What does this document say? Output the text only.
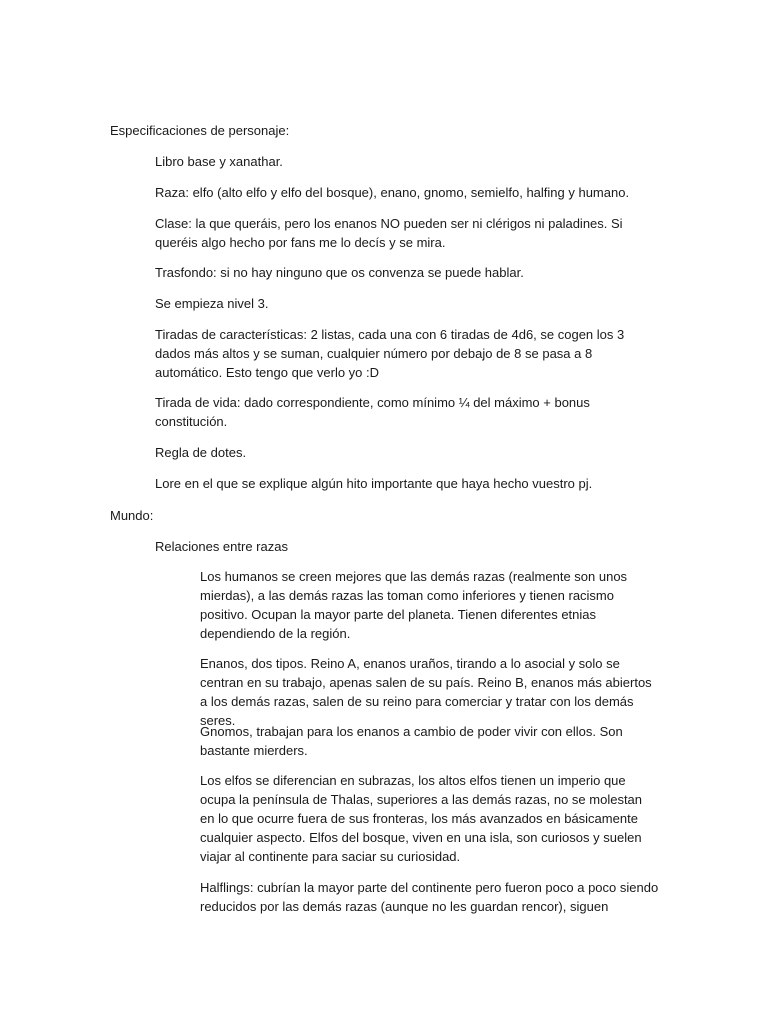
Especificaciones de personaje:

Libro base y xanathar.

Raza: elfo (alto elfo y elfo del bosque), enano, gnomo, semielfo, halfing y humano.

Clase: la que queráis, pero los enanos NO pueden ser ni clérigos ni paladines. Si queréis algo hecho por fans me lo decís y se mira.

Trasfondo: si no hay ninguno que os convenza se puede hablar.

Se empieza nivel 3.

Tiradas de características: 2 listas, cada una con 6 tiradas de 4d6, se cogen los 3 dados más altos y se suman, cualquier número por debajo de 8 se pasa a 8 automático. Esto tengo que verlo yo :D

Tirada de vida: dado correspondiente, como mínimo ¼ del máximo + bonus constitución.

Regla de dotes.

Lore en el que se explique algún hito importante que haya hecho vuestro pj.

Mundo:

Relaciones entre razas

Los humanos se creen mejores que las demás razas (realmente son unos mierdas), a las demás razas las toman como inferiores y tienen racismo positivo. Ocupan la mayor parte del planeta. Tienen diferentes etnias dependiendo de la región.

Enanos, dos tipos. Reino A, enanos uraños, tirando a lo asocial y solo se centran en su trabajo, apenas salen de su país. Reino B, enanos más abiertos a los demás razas, salen de su reino para comerciar y tratar con los demás seres.

Gnomos, trabajan para los enanos a cambio de poder vivir con ellos. Son bastante mierders.

Los elfos se diferencian en subrazas, los altos elfos tienen un imperio que ocupa la península de Thalas, superiores a las demás razas, no se molestan en lo que ocurre fuera de sus fronteras, los más avanzados en básicamente cualquier aspecto. Elfos del bosque, viven en una isla, son curiosos y suelen viajar al continente para saciar su curiosidad.

Halflings: cubrían la mayor parte del continente pero fueron poco a poco siendo reducidos por las demás razas (aunque no les guardan rencor), siguen
